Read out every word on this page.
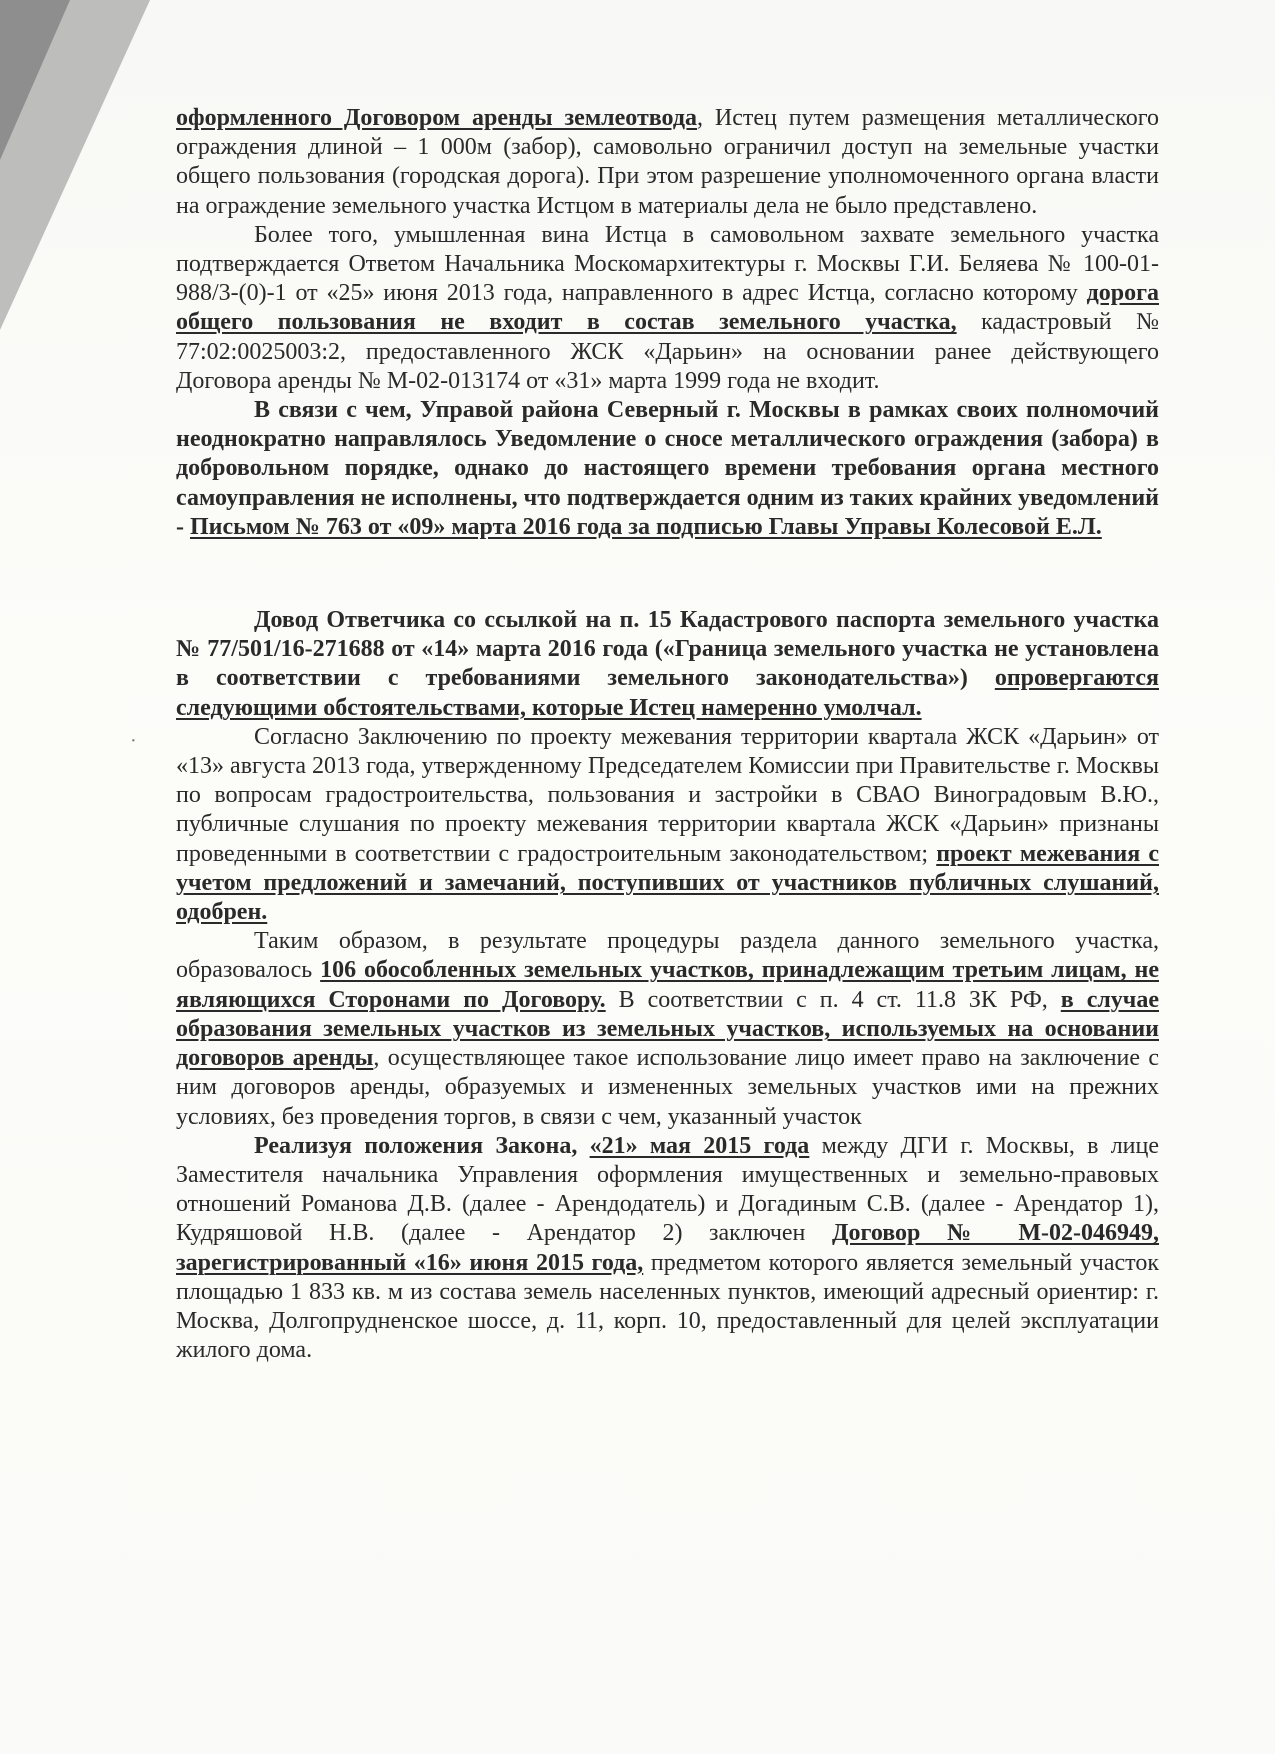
·

оформленного Договором аренды землеотвода, Истец путем размещения металлического ограждения длиной – 1 000м (забор), самовольно ограничил доступ на земельные участки общего пользования (городская дорога). При этом разрешение уполномоченного органа власти на ограждение земельного участка Истцом в материалы дела не было представлено.

Более того, умышленная вина Истца в самовольном захвате земельного участка подтверждается Ответом Начальника Москомархитектуры г. Москвы Г.И. Беляева № 100-01-988/3-(0)-1 от «25» июня 2013 года, направленного в адрес Истца, согласно которому дорога общего пользования не входит в состав земельного участка, кадастровый № 77:02:0025003:2, предоставленного ЖСК «Дарьин» на основании ранее действующего Договора аренды № М-02-013174 от «31» марта 1999 года не входит.

В связи с чем, Управой района Северный г. Москвы в рамках своих полномочий неоднократно направлялось Уведомление о сносе металлического ограждения (забора) в добровольном порядке, однако до настоящего времени требования органа местного самоуправления не исполнены, что подтверждается одним из таких крайних уведомлений - Письмом № 763 от «09» марта 2016 года за подписью Главы Управы Колесовой Е.Л.

Довод Ответчика со ссылкой на п. 15 Кадастрового паспорта земельного участка № 77/501/16-271688 от «14» марта 2016 года («Граница земельного участка не установлена в соответствии с требованиями земельного законодательства») опровергаются следующими обстоятельствами, которые Истец намеренно умолчал.

Согласно Заключению по проекту межевания территории квартала ЖСК «Дарьин» от «13» августа 2013 года, утвержденному Председателем Комиссии при Правительстве г. Москвы по вопросам градостроительства, пользования и застройки в СВАО Виноградовым В.Ю., публичные слушания по проекту межевания территории квартала ЖСК «Дарьин» признаны проведенными в соответствии с градостроительным законодательством; проект межевания с учетом предложений и замечаний, поступивших от участников публичных слушаний, одобрен.

Таким образом, в результате процедуры раздела данного земельного участка, образовалось 106 обособленных земельных участков, принадлежащим третьим лицам, не являющихся Сторонами по Договору. В соответствии с п. 4 ст. 11.8 ЗК РФ, в случае образования земельных участков из земельных участков, используемых на основании договоров аренды, осуществляющее такое использование лицо имеет право на заключение с ним договоров аренды, образуемых и измененных земельных участков ими на прежних условиях, без проведения торгов, в связи с чем, указанный участок

Реализуя положения Закона, «21» мая 2015 года между ДГИ г. Москвы, в лице Заместителя начальника Управления оформления имущественных и земельно-правовых отношений Романова Д.В. (далее - Арендодатель) и Догадиным С.В. (далее - Арендатор 1), Кудряшовой Н.В. (далее - Арендатор 2) заключен Договор № М-02-046949, зарегистрированный «16» июня 2015 года, предметом которого является земельный участок площадью 1 833 кв. м из состава земель населенных пунктов, имеющий адресный ориентир: г. Москва, Долгопрудненское шоссе, д. 11, корп. 10, предоставленный для целей эксплуатации жилого дома.
